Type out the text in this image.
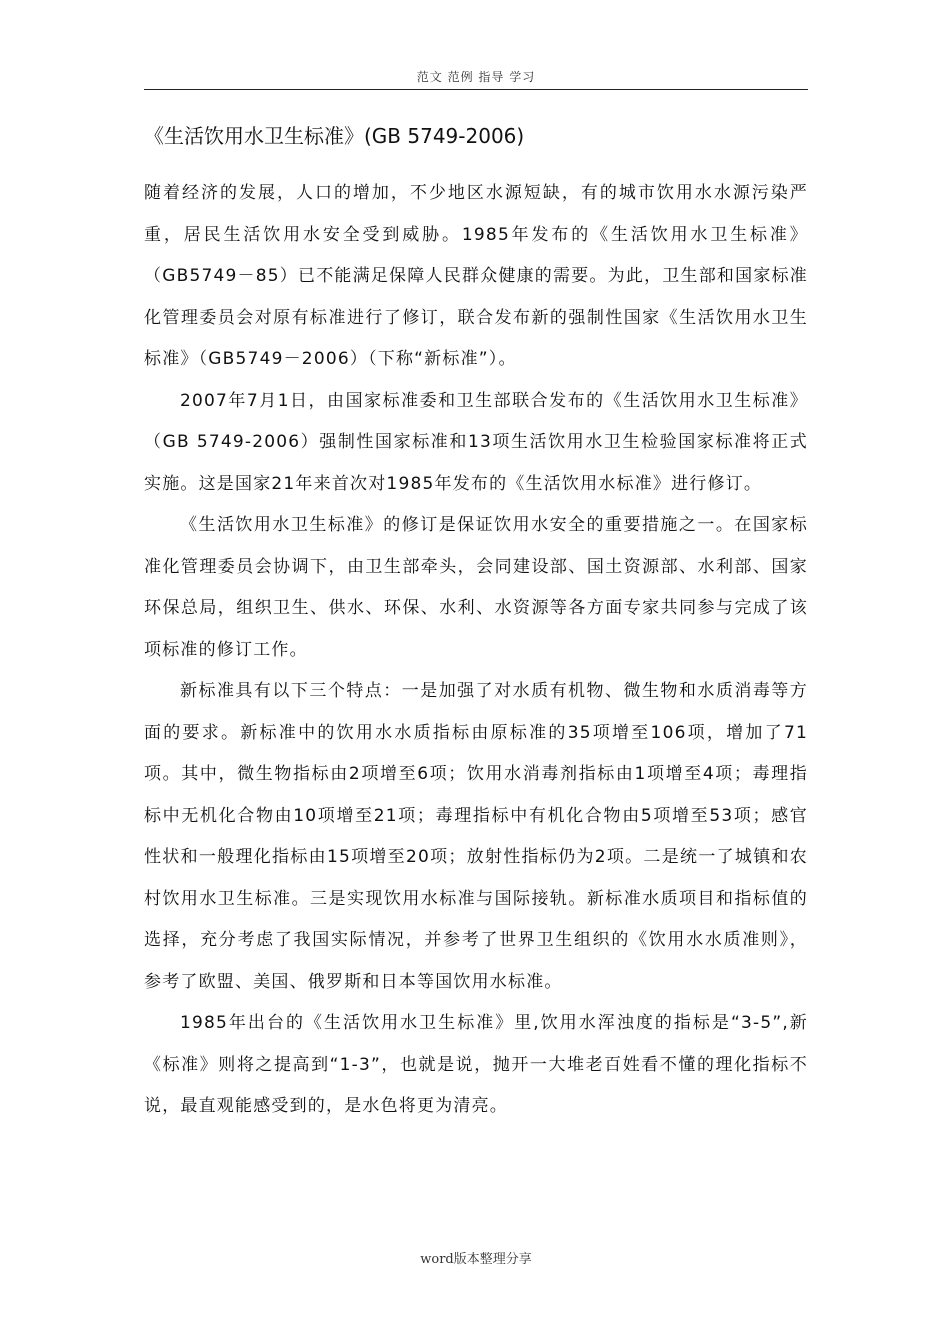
范文 范例 指导 学习
《生活饮用水卫生标准》(GB 5749-2006)

随着经济的发展，人口的增加，不少地区水源短缺，有的城市饮用水水源污染严重，居民生活饮用水安全受到威胁。1985年发布的《生活饮用水卫生标准》（GB5749－85）已不能满足保障人民群众健康的需要。为此，卫生部和国家标准化管理委员会对原有标准进行了修订，联合发布新的强制性国家《生活饮用水卫生标准》（GB5749－2006）（下称“新标准”）。

2007年7月1日，由国家标准委和卫生部联合发布的《生活饮用水卫生标准》（GB 5749-2006）强制性国家标准和13项生活饮用水卫生检验国家标准将正式实施。这是国家21年来首次对1985年发布的《生活饮用水标准》进行修订。

《生活饮用水卫生标准》的修订是保证饮用水安全的重要措施之一。在国家标准化管理委员会协调下，由卫生部牵头，会同建设部、国土资源部、水利部、国家环保总局，组织卫生、供水、环保、水利、水资源等各方面专家共同参与完成了该项标准的修订工作。

新标准具有以下三个特点：一是加强了对水质有机物、微生物和水质消毒等方面的要求。新标准中的饮用水水质指标由原标准的35项增至106项，增加了71项。其中，微生物指标由2项增至6项；饮用水消毒剂指标由1项增至4项；毒理指标中无机化合物由10项增至21项；毒理指标中有机化合物由5项增至53项；感官性状和一般理化指标由15项增至20项；放射性指标仍为2项。二是统一了城镇和农村饮用水卫生标准。三是实现饮用水标准与国际接轨。新标准水质项目和指标值的选择，充分考虑了我国实际情况，并参考了世界卫生组织的《饮用水水质准则》，参考了欧盟、美国、俄罗斯和日本等国饮用水标准。

1985年出台的《生活饮用水卫生标准》里,饮用水浑浊度的指标是“3-5”,新《标准》则将之提高到“1-3”，也就是说，抛开一大堆老百姓看不懂的理化指标不说，最直观能感受到的，是水色将更为清亮。

word版本整理分享
